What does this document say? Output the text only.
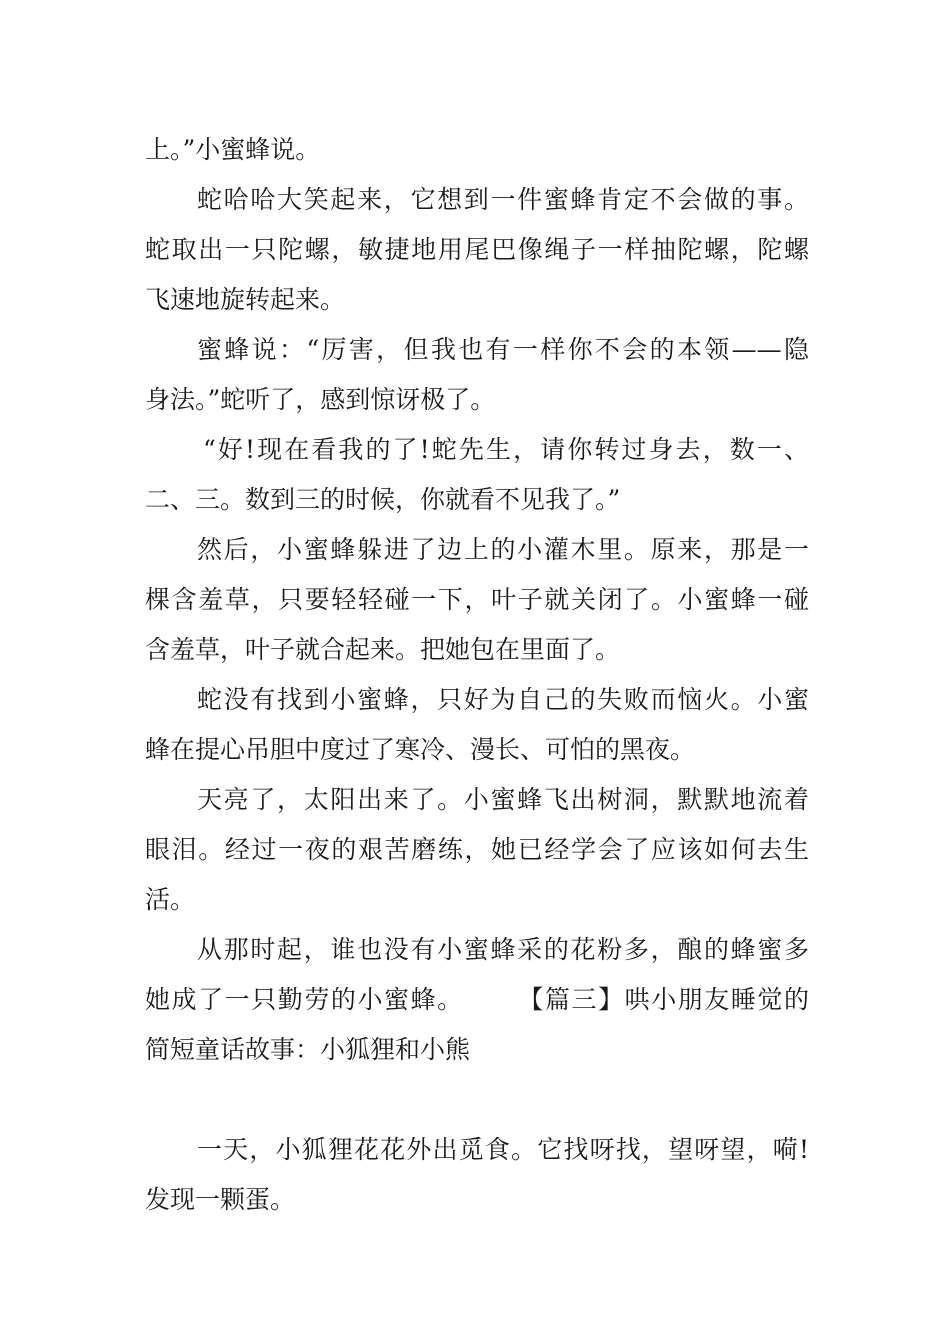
上。”小蜜蜂说。
蛇哈哈大笑起来，它想到一件蜜蜂肯定不会做的事。
蛇取出一只陀螺，敏捷地用尾巴像绳子一样抽陀螺，陀螺
飞速地旋转起来。
蜜蜂说：“厉害，但我也有一样你不会的本领——隐
身法。”蛇听了，感到惊讶极了。
“好!现在看我的了!蛇先生，请你转过身去，数一、
二、三。数到三的时候，你就看不见我了。”
然后，小蜜蜂躲进了边上的小灌木里。原来，那是一
棵含羞草，只要轻轻碰一下，叶子就关闭了。小蜜蜂一碰
含羞草，叶子就合起来。把她包在里面了。
蛇没有找到小蜜蜂，只好为自己的失败而恼火。小蜜
蜂在提心吊胆中度过了寒冷、漫长、可怕的黑夜。
天亮了，太阳出来了。小蜜蜂飞出树洞，默默地流着
眼泪。经过一夜的艰苦磨练，她已经学会了应该如何去生
活。
从那时起，谁也没有小蜜蜂采的花粉多，酿的蜂蜜多
她成了一只勤劳的小蜜蜂。　　　【篇三】哄小朋友睡觉的
简短童话故事：小狐狸和小熊
一天，小狐狸花花外出觅食。它找呀找，望呀望，嗬!
发现一颗蛋。
